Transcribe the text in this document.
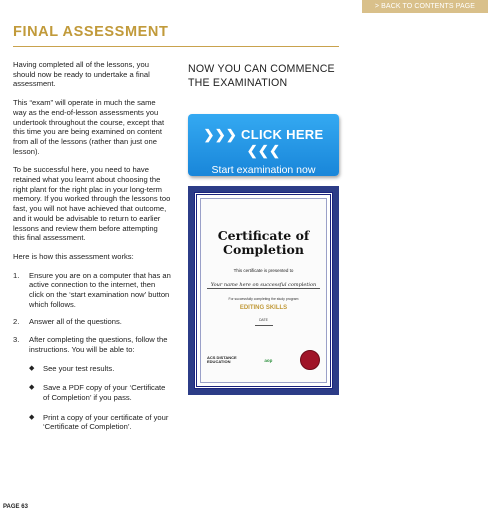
> BACK TO CONTENTS PAGE
FINAL ASSESSMENT

Having completed all of the lessons, you should now be ready to undertake a final assessment.

This “exam” will operate in much the same way as the end-of-lesson assessments you undertook throughout the course, except that this time you are being examined on content from all of the lessons (rather than just one lesson).

To be successful here, you need to have retained what you learnt about choosing the right plant for the right plac in your long-term memory. If you worked through the lessons too fast, you will not have achieved that outcome, and it would be advisable to return to earlier lessons and review them before attempting this final assessment.

Here is how this assessment works:

1.	Ensure you are on a computer that has an active connection to the internet, then click on the ‘start examination now’ button which follows.
2.	Answer all of the questions.
3.	After completing the questions, follow the instructions. You will be able to:
◆	See your test results.
◆	Save a PDF copy of your ‘Certificate of Completion’ if you pass.
◆	Print a copy of your certificate of your ‘Certificate of Completion’.
NOW YOU CAN COMMENCE THE EXAMINATION
❯❯❯ CLICK HERE ❮❮❮
Start examination now
Certificate of
Completion
This certificate is presented to
Your name here on successful completion
For successfully completing the study program
EDITING SKILLS
DATE
ACS DISTANCE
EDUCATION	aop
PAGE 63
